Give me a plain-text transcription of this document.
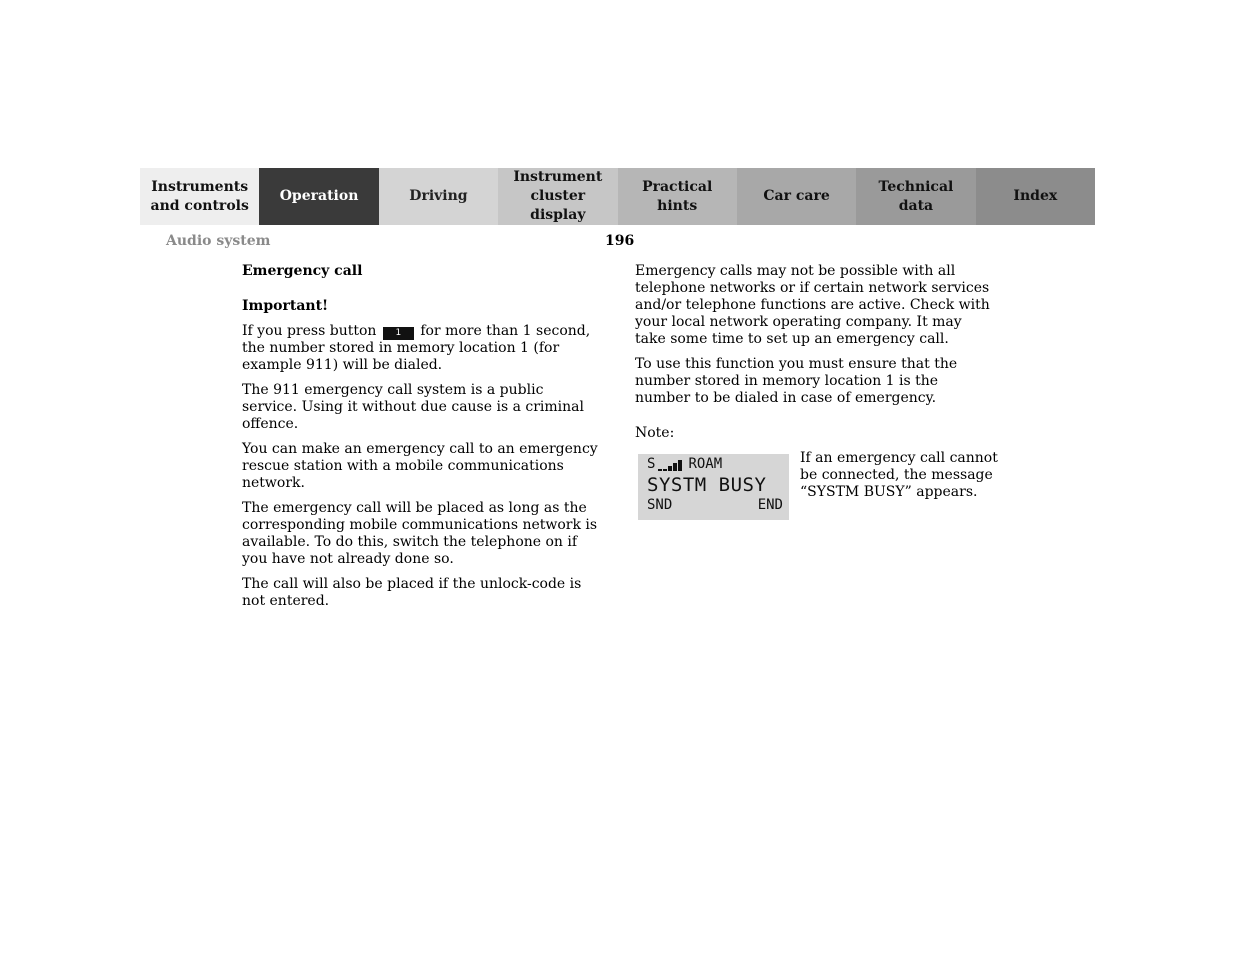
Instruments
and controls
Operation	Driving
Instrument
cluster display
Practical hints
Car care
Technical
data
Index
Audio system	196

Emergency call

Important!

If you press button 1 for more than 1 second, the number stored in memory location 1 (for example 911) will be dialed.

The 911 emergency call system is a public service. Using it without due cause is a criminal offence.

You can make an emergency call to an emergency rescue station with a mobile communications network.

The emergency call will be placed as long as the corresponding mobile communications network is available. To do this, switch the telephone on if you have not already done so.

The call will also be placed if the unlock-code is not entered.

Emergency calls may not be possible with all telephone networks or if certain network services and/or telephone functions are active. Check with your local network operating company. It may take some time to set up an emergency call.

To use this function you must ensure that the number stored in memory location 1 is the number to be dialed in case of emergency.

Note:

S ROAM
SYSTM BUSY
SND	END
If an emergency call cannot be connected, the message “SYSTM BUSY” appears.
